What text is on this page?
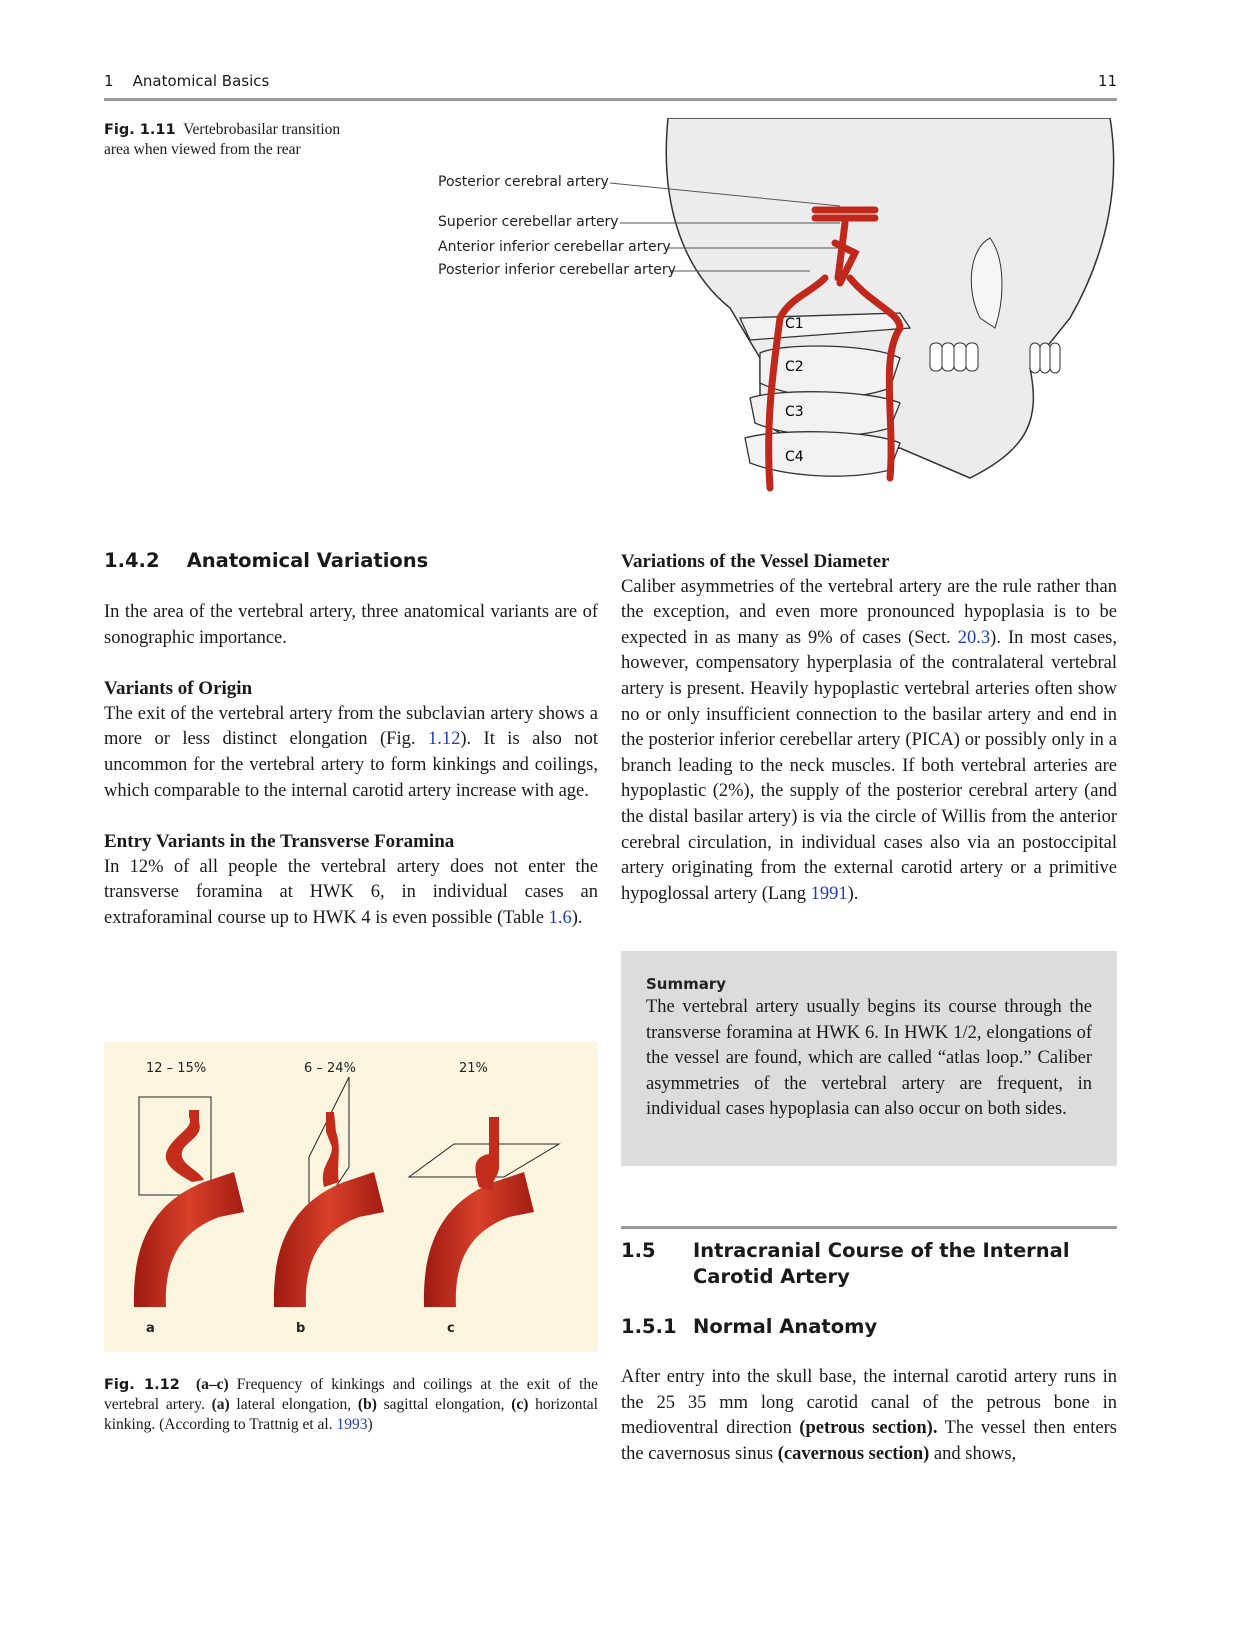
1 Anatomical Basics	11
Fig. 1.11 Vertebrobasilar transition area when viewed from the rear
C1
C2
C3
C4
Posterior cerebral artery
Superior cerebellar artery
Anterior inferior cerebellar artery
Posterior inferior cerebellar artery
1.4.2 Anatomical Variations

In the area of the vertebral artery, three anatomical variants are of sonographic importance.

Variants of Origin

The exit of the vertebral artery from the subclavian artery shows a more or less distinct elongation (Fig. 1.12). It is also not uncommon for the vertebral artery to form kinkings and coilings, which comparable to the internal carotid artery increase with age.

Entry Variants in the Transverse Foramina

In 12% of all people the vertebral artery does not enter the transverse foramina at HWK 6, in individual cases an extraforaminal course up to HWK 4 is even possible (Table 1.6).

12 – 15%	6 – 24%	21%
a	b	c
Fig. 1.12 (a–c) Frequency of kinkings and coilings at the exit of the vertebral artery. (a) lateral elongation, (b) sagittal elongation, (c) horizontal kinking. (According to Trattnig et al. 1993)
Variations of the Vessel Diameter

Caliber asymmetries of the vertebral artery are the rule rather than the exception, and even more pronounced hypoplasia is to be expected in as many as 9% of cases (Sect. 20.3). In most cases, however, compensatory hyperplasia of the contralateral vertebral artery is present. Heavily hypoplastic vertebral arteries often show no or only insufficient connection to the basilar artery and end in the posterior inferior cerebellar artery (PICA) or possibly only in a branch leading to the neck muscles. If both vertebral arteries are hypoplastic (2%), the supply of the posterior cerebral artery (and the distal basilar artery) is via the circle of Willis from the anterior cerebral circulation, in individual cases also via an postoccipital artery originating from the external carotid artery or a primitive hypoglossal artery (Lang 1991).

Summary

The vertebral artery usually begins its course through the transverse foramina at HWK 6. In HWK 1/2, elongations of the vessel are found, which are called “atlas loop.” Caliber asymmetries of the vertebral artery are frequent, in individual cases hypoplasia can also occur on both sides.

1.5 Intracranial Course of the Internal
Carotid Artery
1.5.1 Normal Anatomy

After entry into the skull base, the internal carotid artery runs in the 25 35 mm long carotid canal of the petrous bone in medioventral direction (petrous section). The vessel then enters the cavernosus sinus (cavernous section) and shows,
